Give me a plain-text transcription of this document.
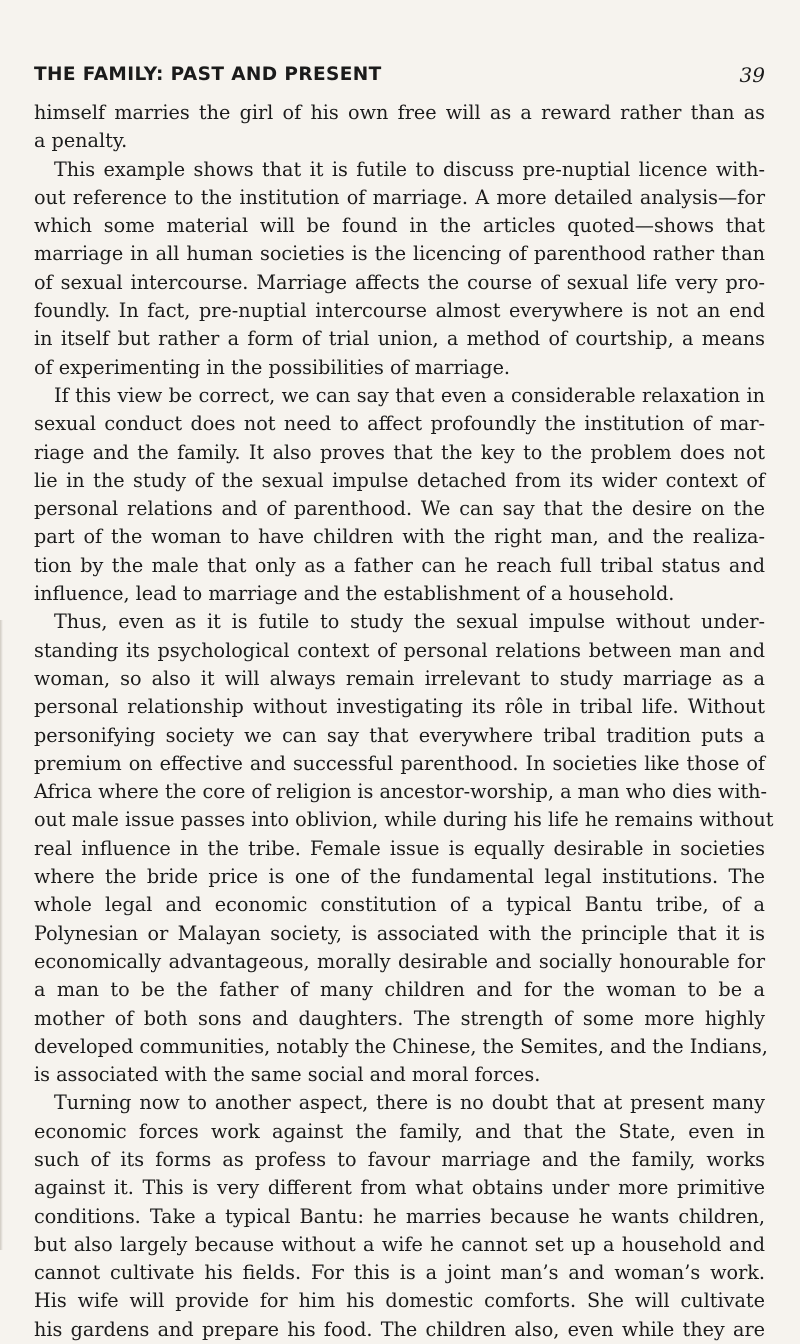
THE FAMILY: PAST AND PRESENT	39
himself marries the girl of his own free will as a reward rather than as
a penalty.
This example shows that it is futile to discuss pre-nuptial licence with-
out reference to the institution of marriage. A more detailed analysis—for
which some material will be found in the articles quoted—shows that
marriage in all human societies is the licencing of parenthood rather than
of sexual intercourse. Marriage affects the course of sexual life very pro-
foundly. In fact, pre-nuptial intercourse almost everywhere is not an end
in itself but rather a form of trial union, a method of courtship, a means
of experimenting in the possibilities of marriage.
If this view be correct, we can say that even a considerable relaxation in
sexual conduct does not need to affect profoundly the institution of mar-
riage and the family. It also proves that the key to the problem does not
lie in the study of the sexual impulse detached from its wider context of
personal relations and of parenthood. We can say that the desire on the
part of the woman to have children with the right man, and the realiza-
tion by the male that only as a father can he reach full tribal status and
influence, lead to marriage and the establishment of a household.
Thus, even as it is futile to study the sexual impulse without under-
standing its psychological context of personal relations between man and
woman, so also it will always remain irrelevant to study marriage as a
personal relationship without investigating its rôle in tribal life. Without
personifying society we can say that everywhere tribal tradition puts a
premium on effective and successful parenthood. In societies like those of
Africa where the core of religion is ancestor-worship, a man who dies with-
out male issue passes into oblivion, while during his life he remains without
real influence in the tribe. Female issue is equally desirable in societies
where the bride price is one of the fundamental legal institutions. The
whole legal and economic constitution of a typical Bantu tribe, of a
Polynesian or Malayan society, is associated with the principle that it is
economically advantageous, morally desirable and socially honourable for
a man to be the father of many children and for the woman to be a
mother of both sons and daughters. The strength of some more highly
developed communities, notably the Chinese, the Semites, and the Indians,
is associated with the same social and moral forces.
Turning now to another aspect, there is no doubt that at present many
economic forces work against the family, and that the State, even in
such of its forms as profess to favour marriage and the family, works
against it. This is very different from what obtains under more primitive
conditions. Take a typical Bantu: he marries because he wants children,
but also largely because without a wife he cannot set up a household and
cannot cultivate his fields. For this is a joint man’s and woman’s work.
His wife will provide for him his domestic comforts. She will cultivate
his gardens and prepare his food. The children also, even while they are
